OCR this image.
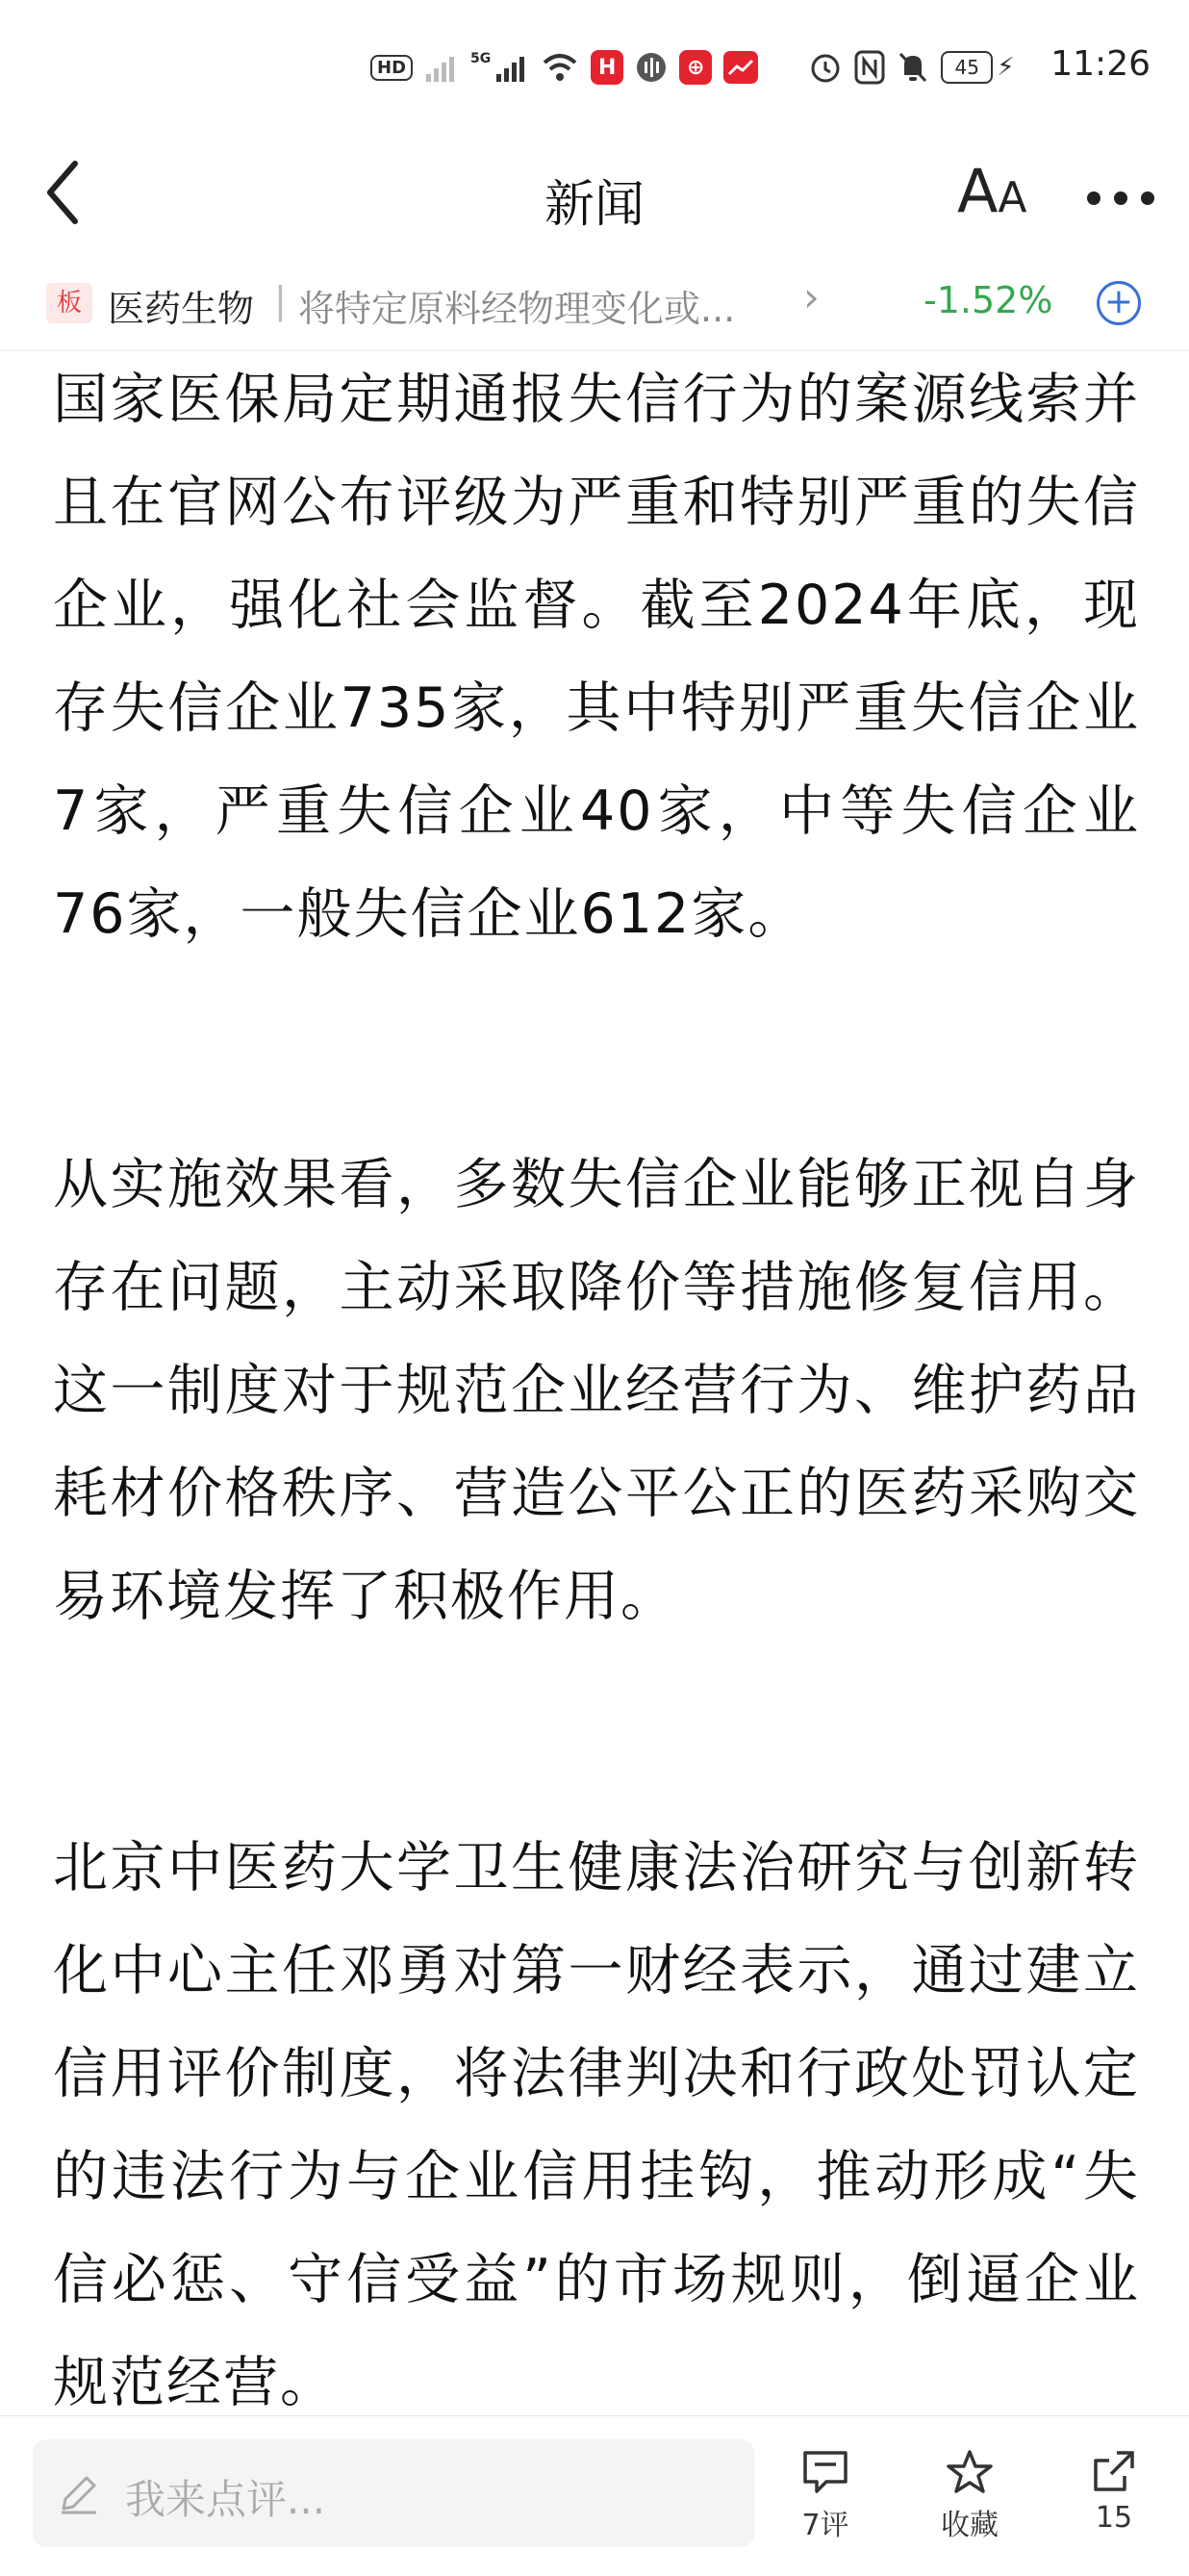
HD	5G	H	⊕	45 ⚡ 11:26
新闻	AA
板 医药生物 | 将特定原料经物理变化或...	›	-1.52% +

国家医保局定期通报失信行为的案源线索并且在官网公布评级为严重和特别严重的失信企业，强化社会监督。截至2024年底，现存失信企业735家，其中特别严重失信企业7家，严重失信企业40家，中等失信企业76家，一般失信企业612家。

从实施效果看，多数失信企业能够正视自身存在问题，主动采取降价等措施修复信用。这一制度对于规范企业经营行为、维护药品耗材价格秩序、营造公平公正的医药采购交易环境发挥了积极作用。

北京中医药大学卫生健康法治研究与创新转化中心主任邓勇对第一财经表示，通过建立信用评价制度，将法律判决和行政处罚认定的违法行为与企业信用挂钩，推动形成“失信必惩、守信受益”的市场规则，倒逼企业规范经营。

我来点评...
7评	收藏	15
